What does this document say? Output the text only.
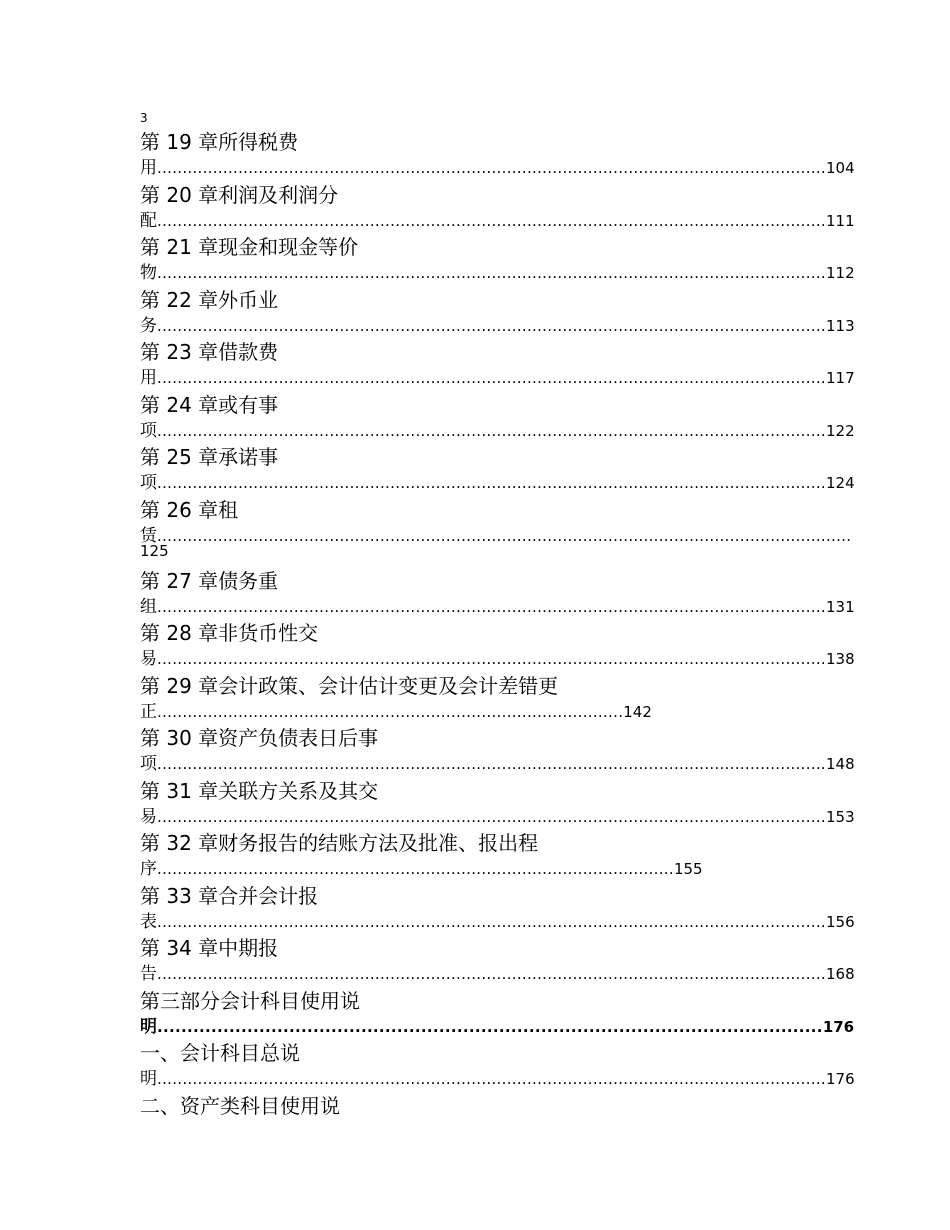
3
第 19 章所得税费
用....................................................................................................................................104
第 20 章利润及利润分
配....................................................................................................................................111
第 21 章现金和现金等价
物....................................................................................................................................112
第 22 章外币业
务....................................................................................................................................113
第 23 章借款费
用....................................................................................................................................117
第 24 章或有事
项....................................................................................................................................122
第 25 章承诺事
项....................................................................................................................................124
第 26 章租
赁.........................................................................................................................................
125
第 27 章债务重
组....................................................................................................................................131
第 28 章非货币性交
易....................................................................................................................................138
第 29 章会计政策、会计估计变更及会计差错更
正............................................................................................142
第 30 章资产负债表日后事
项....................................................................................................................................148
第 31 章关联方关系及其交
易....................................................................................................................................153
第 32 章财务报告的结账方法及批准、报出程
序......................................................................................................155
第 33 章合并会计报
表....................................................................................................................................156
第 34 章中期报
告....................................................................................................................................168
第三部分会计科目使用说
明...............................................................................................................176
一、会计科目总说
明....................................................................................................................................176
二、资产类科目使用说
